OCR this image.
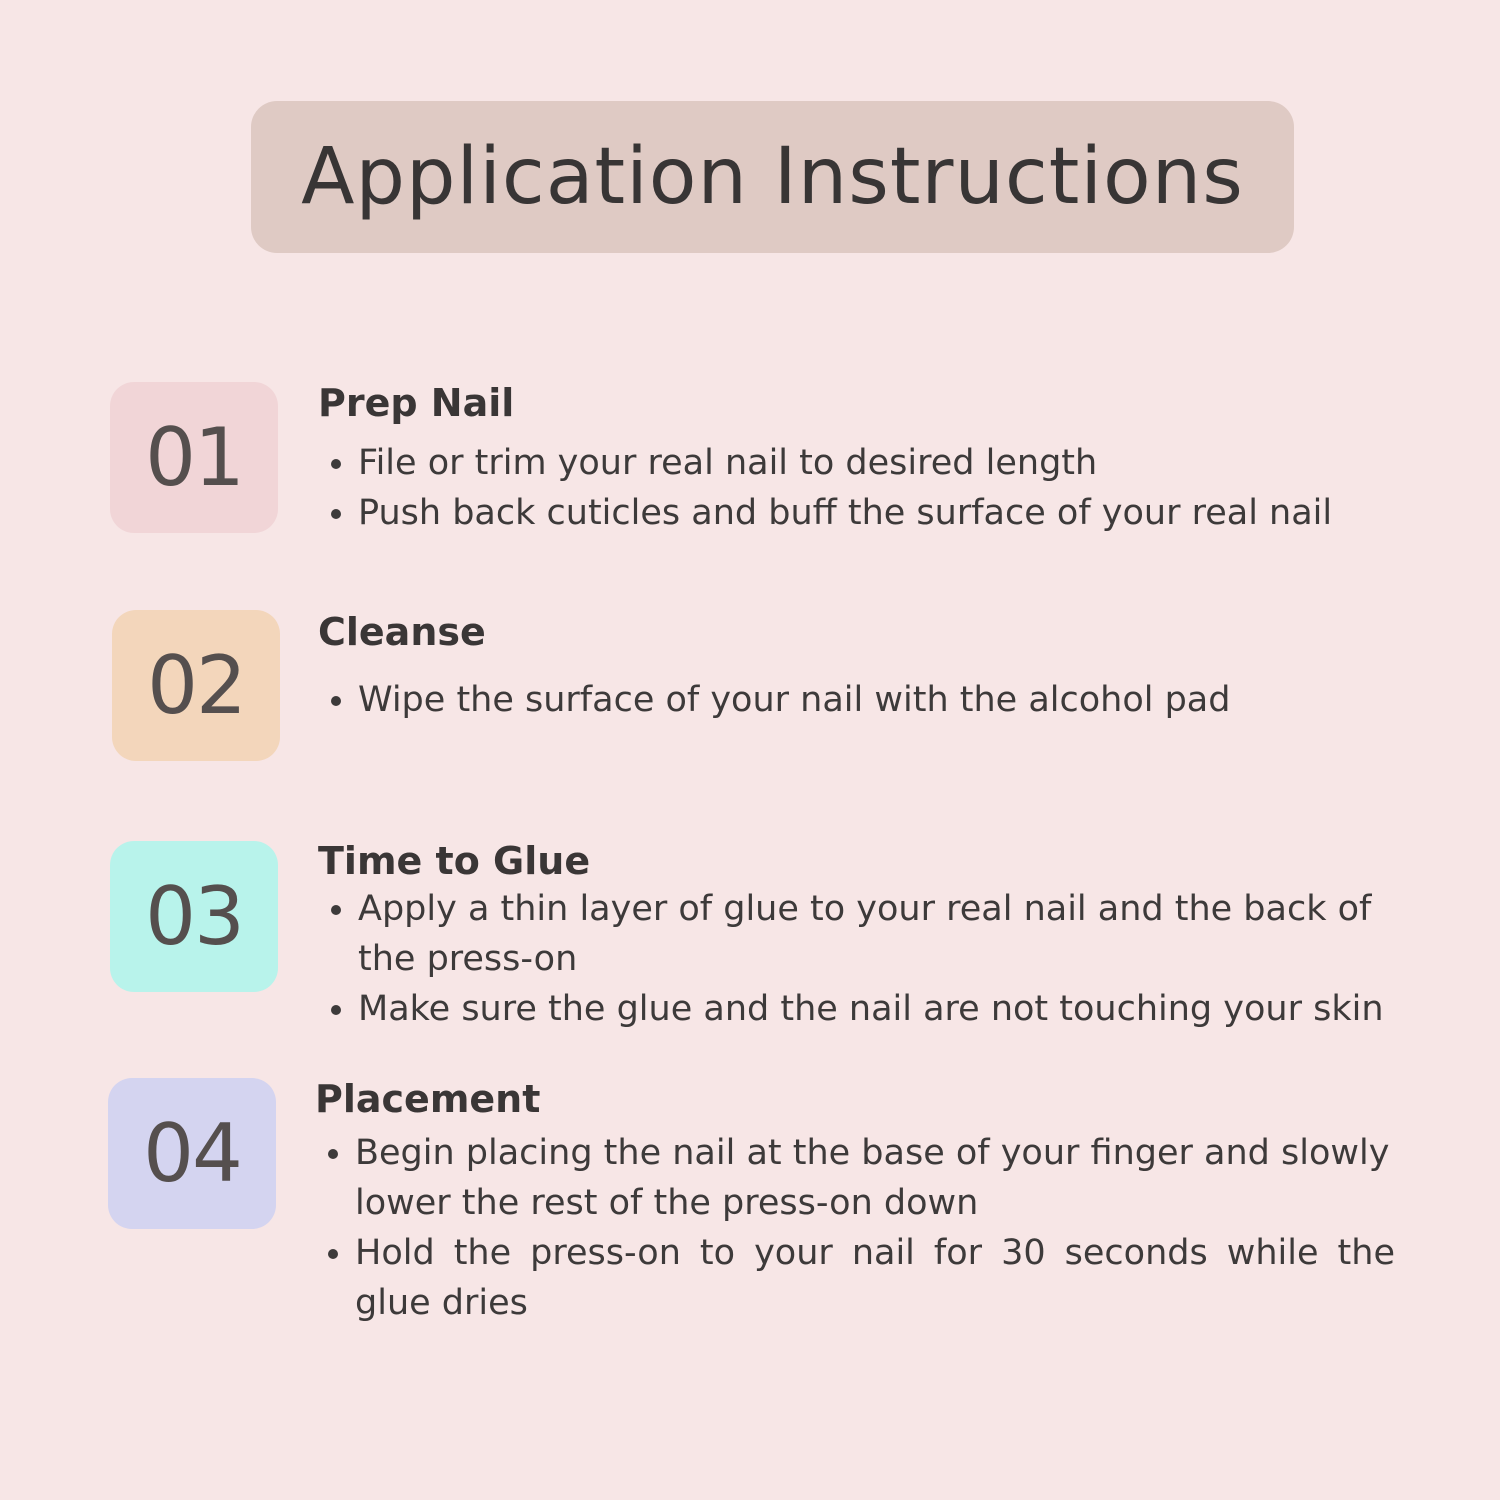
Application Instructions
01
Prep Nail
• File or trim your real nail to desired length
• Push back cuticles and buff the surface of your real nail
02
Cleanse
• Wipe the surface of your nail with the alcohol pad
03
Time to Glue
• Apply a thin layer of glue to your real nail and the back of the press-on
• Make sure the glue and the nail are not touching your skin
04
Placement
• Begin placing the nail at the base of your finger and slowly lower the rest of the press-on down
• Hold the press-on to your nail for 30 seconds while the glue dries
